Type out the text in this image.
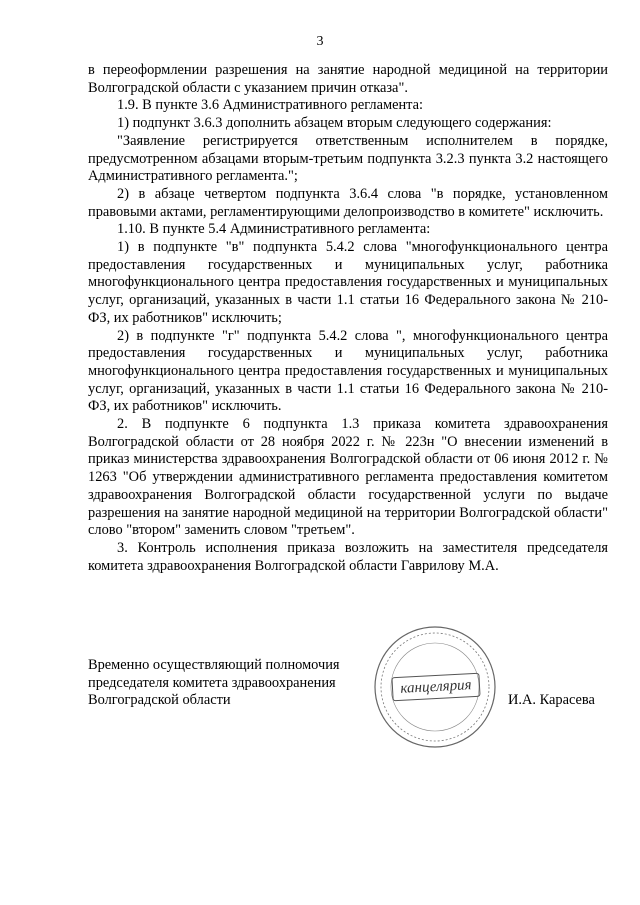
3

в переоформлении разрешения на занятие народной медициной на территории Волгоградской области с указанием причин отказа".

1.9. В пункте 3.6 Административного регламента:

1) подпункт 3.6.3 дополнить абзацем вторым следующего содержания:

"Заявление регистрируется ответственным исполнителем в порядке, предусмотренном абзацами вторым-третьим подпункта 3.2.3 пункта 3.2 настоящего Административного регламента.";

2) в абзаце четвертом подпункта 3.6.4 слова "в порядке, установленном правовыми актами, регламентирующими делопроизводство в комитете" исключить.

1.10. В пункте 5.4 Административного регламента:

1) в подпункте "в" подпункта 5.4.2 слова "многофункционального центра предоставления государственных и муниципальных услуг, работника многофункционального центра предоставления государственных и муниципальных услуг, организаций, указанных в части 1.1 статьи 16 Федерального закона № 210-ФЗ, их работников" исключить;

2) в подпункте "г" подпункта 5.4.2 слова ", многофункционального центра предоставления государственных и муниципальных услуг, работника многофункционального центра предоставления государственных и муниципальных услуг, организаций, указанных в части 1.1 статьи 16 Федерального закона № 210-ФЗ, их работников" исключить.

2. В подпункте 6 подпункта 1.3 приказа комитета здравоохранения Волгоградской области от 28 ноября 2022 г. № 223н "О внесении изменений в приказ министерства здравоохранения Волгоградской области от 06 июня 2012 г. № 1263 "Об утверждении административного регламента предоставления комитетом здравоохранения Волгоградской области государственной услуги по выдаче разрешения на занятие народной медициной на территории Волгоградской области" слово "втором" заменить словом "третьем".

3. Контроль исполнения приказа возложить на заместителя председателя комитета здравоохранения Волгоградской области Гаврилову М.А.

Временно осуществляющий полномочия
председателя комитета здравоохранения
Волгоградской области
канцелярия
И.А. Карасева
